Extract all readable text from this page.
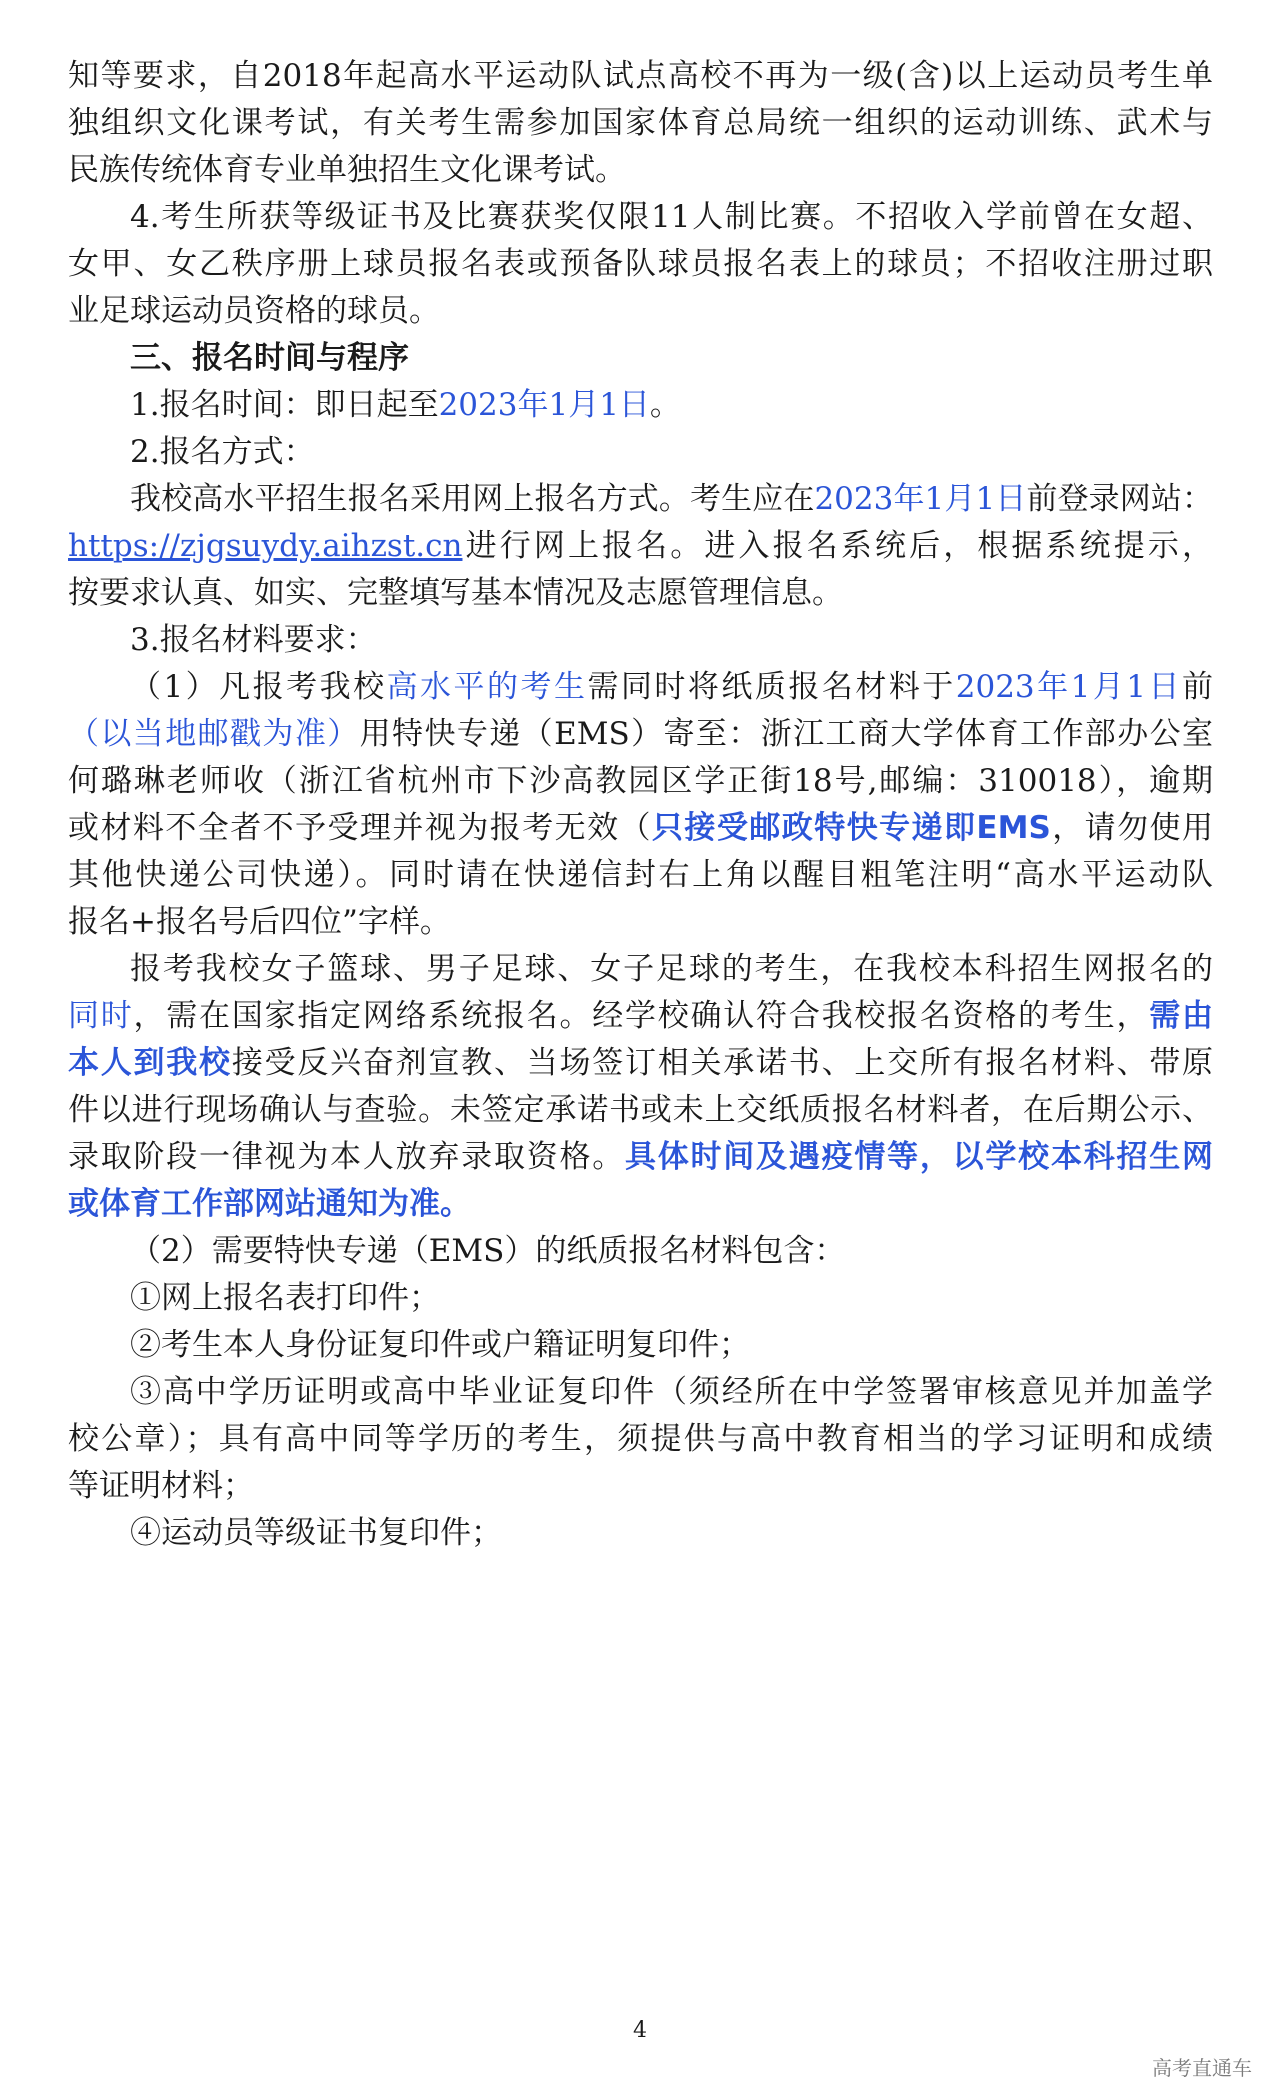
知等要求，自2018年起高水平运动队试点高校不再为一级(含)以上运动员考生单
独组织文化课考试，有关考生需参加国家体育总局统一组织的运动训练、武术与
民族传统体育专业单独招生文化课考试。
4.考生所获等级证书及比赛获奖仅限11人制比赛。不招收入学前曾在女超、
女甲、女乙秩序册上球员报名表或预备队球员报名表上的球员；不招收注册过职
业足球运动员资格的球员。
三、报名时间与程序
1.报名时间：即日起至2023年1月1日。
2.报名方式：
我校高水平招生报名采用网上报名方式。考生应在2023年1月1日前登录网站：
https://zjgsuydy.aihzst.cn进行网上报名。进入报名系统后，根据系统提示，
按要求认真、如实、完整填写基本情况及志愿管理信息。
3.报名材料要求：
（1）凡报考我校高水平的考生需同时将纸质报名材料于2023年1月1日前
（以当地邮戳为准）用特快专递（EMS）寄至：浙江工商大学体育工作部办公室
何璐琳老师收（浙江省杭州市下沙高教园区学正街18号,邮编：310018），逾期
或材料不全者不予受理并视为报考无效（只接受邮政特快专递即EMS，请勿使用
其他快递公司快递）。同时请在快递信封右上角以醒目粗笔注明“高水平运动队
报名+报名号后四位”字样。
报考我校女子篮球、男子足球、女子足球的考生，在我校本科招生网报名的
同时，需在国家指定网络系统报名。经学校确认符合我校报名资格的考生，需由
本人到我校接受反兴奋剂宣教、当场签订相关承诺书、上交所有报名材料、带原
件以进行现场确认与查验。未签定承诺书或未上交纸质报名材料者，在后期公示、
录取阶段一律视为本人放弃录取资格。具体时间及遇疫情等，以学校本科招生网
或体育工作部网站通知为准。
（2）需要特快专递（EMS）的纸质报名材料包含：
①网上报名表打印件；
②考生本人身份证复印件或户籍证明复印件；
③高中学历证明或高中毕业证复印件（须经所在中学签署审核意见并加盖学
校公章）；具有高中同等学历的考生，须提供与高中教育相当的学习证明和成绩
等证明材料；
④运动员等级证书复印件；
4
高考直通车
